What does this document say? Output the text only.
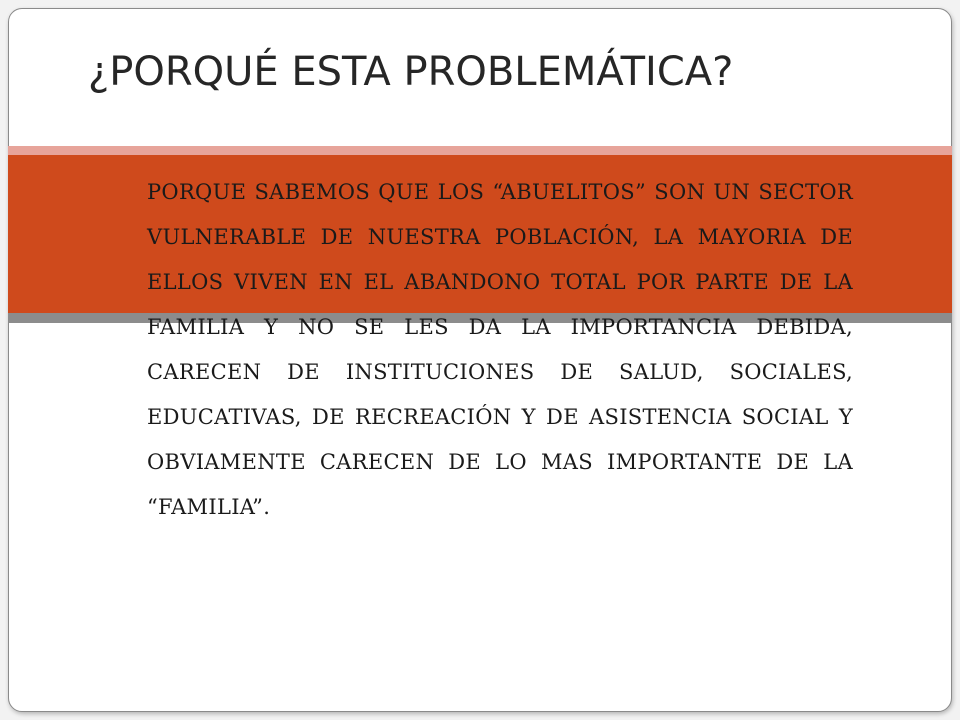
¿PORQUÉ ESTA PROBLEMÁTICA?

PORQUE SABEMOS QUE LOS “ABUELITOS” SON UN SECTOR VULNERABLE DE NUESTRA POBLACIÓN, LA MAYORIA DE ELLOS VIVEN EN EL ABANDONO TOTAL POR PARTE DE LA FAMILIA Y NO SE LES DA LA IMPORTANCIA DEBIDA, CARECEN DE INSTITUCIONES DE SALUD, SOCIALES, EDUCATIVAS, DE RECREACIÓN Y DE ASISTENCIA SOCIAL Y OBVIAMENTE CARECEN DE LO MAS IMPORTANTE DE LA “FAMILIA”.
